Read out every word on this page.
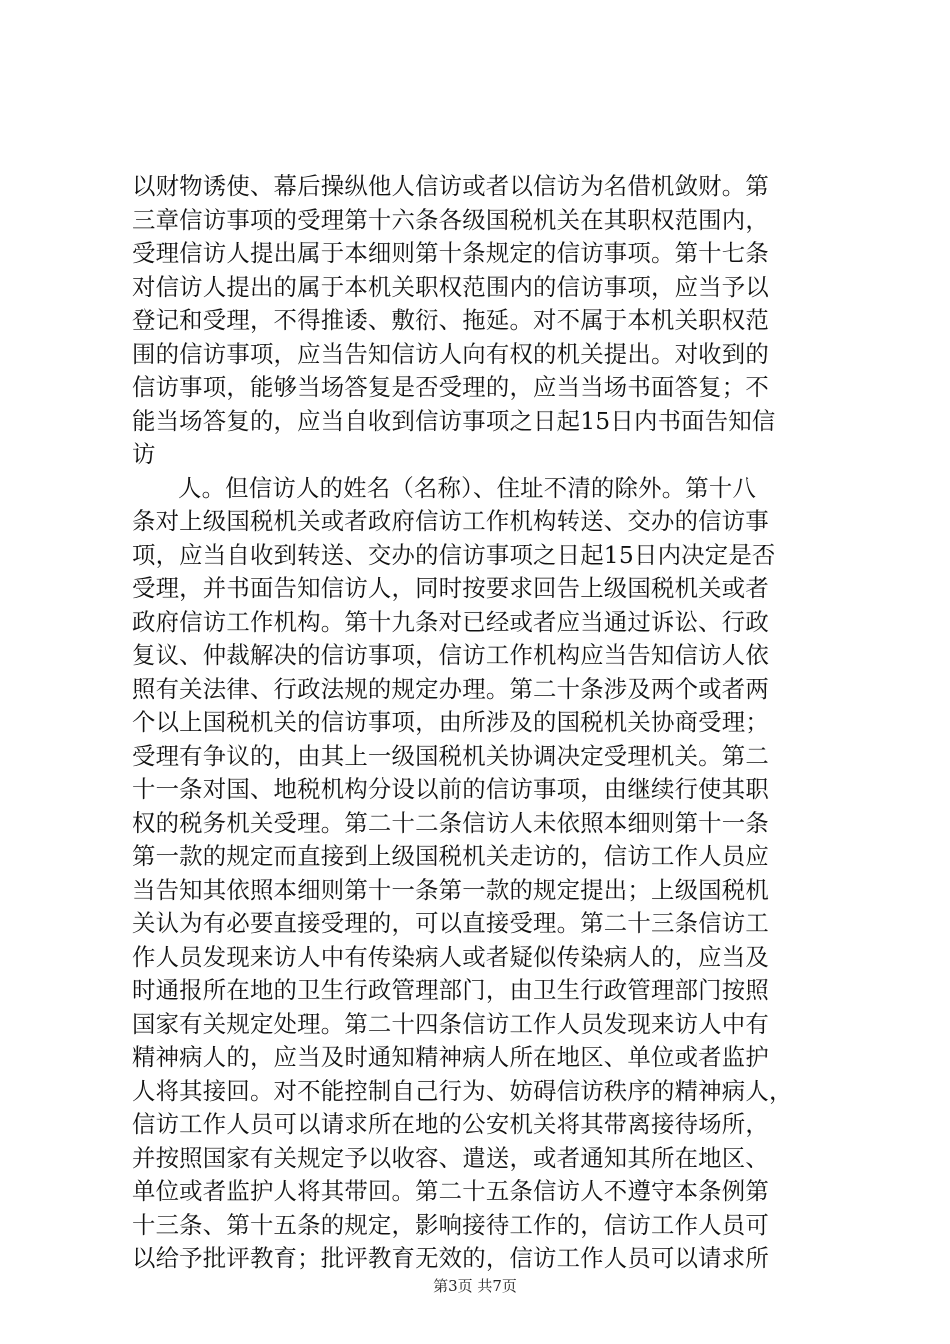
以财物诱使、幕后操纵他人信访或者以信访为名借机敛财。第
三章信访事项的受理第十六条各级国税机关在其职权范围内，
受理信访人提出属于本细则第十条规定的信访事项。第十七条
对信访人提出的属于本机关职权范围内的信访事项，应当予以
登记和受理，不得推诿、敷衍、拖延。对不属于本机关职权范
围的信访事项，应当告知信访人向有权的机关提出。对收到的
信访事项，能够当场答复是否受理的，应当当场书面答复；不
能当场答复的，应当自收到信访事项之日起15日内书面告知信
访
人。但信访人的姓名（名称）、住址不清的除外。第十八
条对上级国税机关或者政府信访工作机构转送、交办的信访事
项，应当自收到转送、交办的信访事项之日起15日内决定是否
受理，并书面告知信访人，同时按要求回告上级国税机关或者
政府信访工作机构。第十九条对已经或者应当通过诉讼、行政
复议、仲裁解决的信访事项，信访工作机构应当告知信访人依
照有关法律、行政法规的规定办理。第二十条涉及两个或者两
个以上国税机关的信访事项，由所涉及的国税机关协商受理；
受理有争议的，由其上一级国税机关协调决定受理机关。第二
十一条对国、地税机构分设以前的信访事项，由继续行使其职
权的税务机关受理。第二十二条信访人未依照本细则第十一条
第一款的规定而直接到上级国税机关走访的，信访工作人员应
当告知其依照本细则第十一条第一款的规定提出；上级国税机
关认为有必要直接受理的，可以直接受理。第二十三条信访工
作人员发现来访人中有传染病人或者疑似传染病人的，应当及
时通报所在地的卫生行政管理部门，由卫生行政管理部门按照
国家有关规定处理。第二十四条信访工作人员发现来访人中有
精神病人的，应当及时通知精神病人所在地区、单位或者监护
人将其接回。对不能控制自己行为、妨碍信访秩序的精神病人，
信访工作人员可以请求所在地的公安机关将其带离接待场所，
并按照国家有关规定予以收容、遣送，或者通知其所在地区、
单位或者监护人将其带回。第二十五条信访人不遵守本条例第
十三条、第十五条的规定，影响接待工作的，信访工作人员可
以给予批评教育；批评教育无效的，信访工作人员可以请求所
第3页 共7页
